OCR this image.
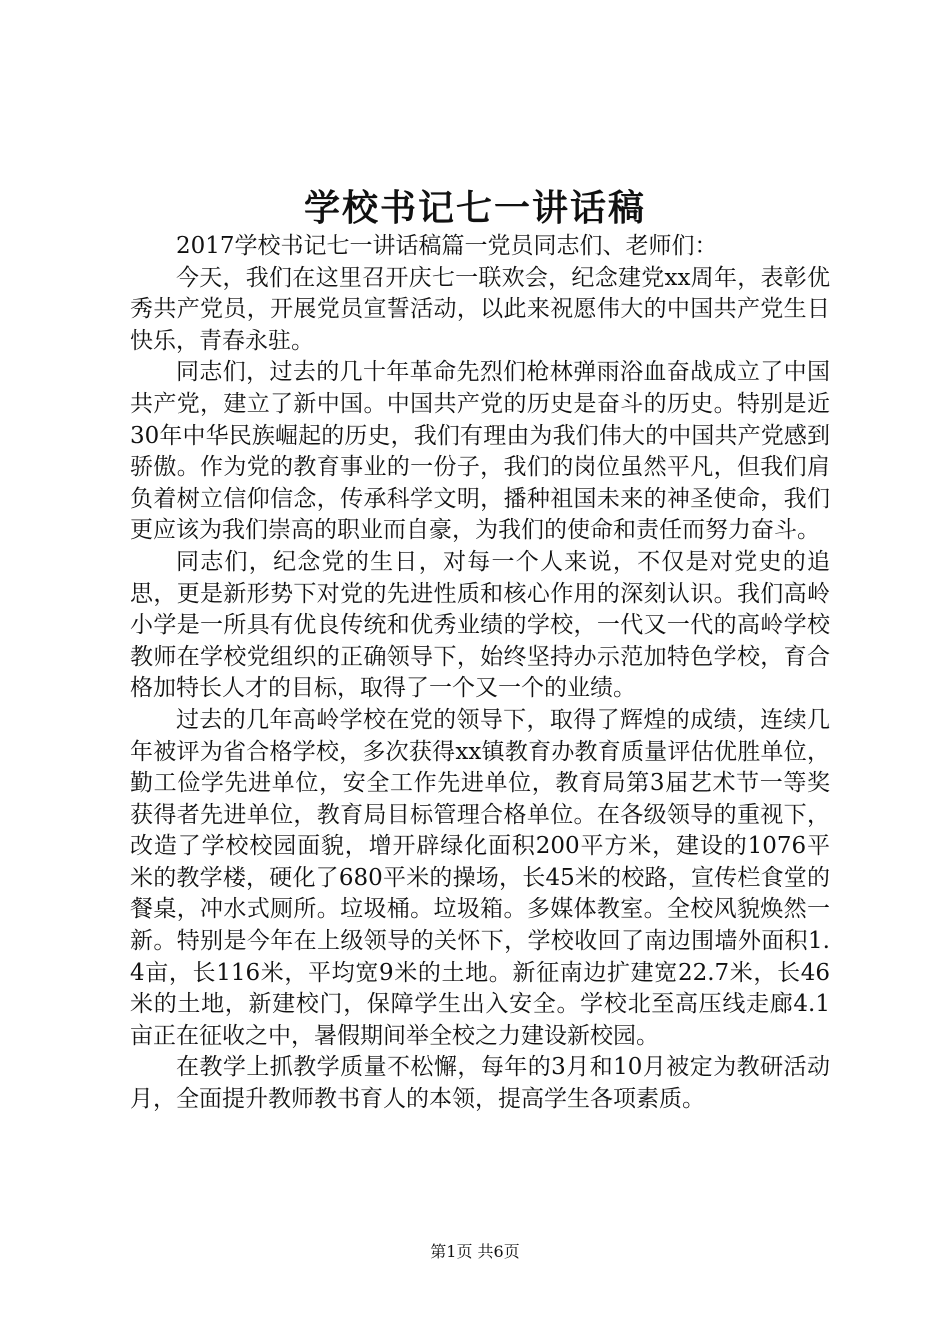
学校书记七一讲话稿

2017学校书记七一讲话稿篇一党员同志们、老师们：

今天，我们在这里召开庆七一联欢会，纪念建党xx周年，表彰优秀共产党员，开展党员宣誓活动，以此来祝愿伟大的中国共产党生日快乐，青春永驻。

同志们，过去的几十年革命先烈们枪林弹雨浴血奋战成立了中国共产党，建立了新中国。中国共产党的历史是奋斗的历史。特别是近30年中华民族崛起的历史，我们有理由为我们伟大的中国共产党感到骄傲。作为党的教育事业的一份子，我们的岗位虽然平凡，但我们肩负着树立信仰信念，传承科学文明，播种祖国未来的神圣使命，我们更应该为我们崇高的职业而自豪，为我们的使命和责任而努力奋斗。

同志们，纪念党的生日，对每一个人来说，不仅是对党史的追思，更是新形势下对党的先进性质和核心作用的深刻认识。我们高岭小学是一所具有优良传统和优秀业绩的学校，一代又一代的高岭学校教师在学校党组织的正确领导下，始终坚持办示范加特色学校，育合格加特长人才的目标，取得了一个又一个的业绩。

过去的几年高岭学校在党的领导下，取得了辉煌的成绩，连续几年被评为省合格学校，多次获得xx镇教育办教育质量评估优胜单位，勤工俭学先进单位，安全工作先进单位，教育局第3届艺术节一等奖获得者先进单位，教育局目标管理合格单位。在各级领导的重视下，改造了学校校园面貌，增开辟绿化面积200平方米，建设的1076平米的教学楼，硬化了680平米的操场，长45米的校路，宣传栏食堂的餐桌，冲水式厕所。垃圾桶。垃圾箱。多媒体教室。全校风貌焕然一新。特别是今年在上级领导的关怀下，学校收回了南边围墙外面积1.4亩，长116米，平均宽9米的土地。新征南边扩建宽22.7米，长46米的土地，新建校门，保障学生出入安全。学校北至高压线走廊4.1亩正在征收之中，暑假期间举全校之力建设新校园。

在教学上抓教学质量不松懈，每年的3月和10月被定为教研活动月，全面提升教师教书育人的本领，提高学生各项素质。

第1页 共6页
